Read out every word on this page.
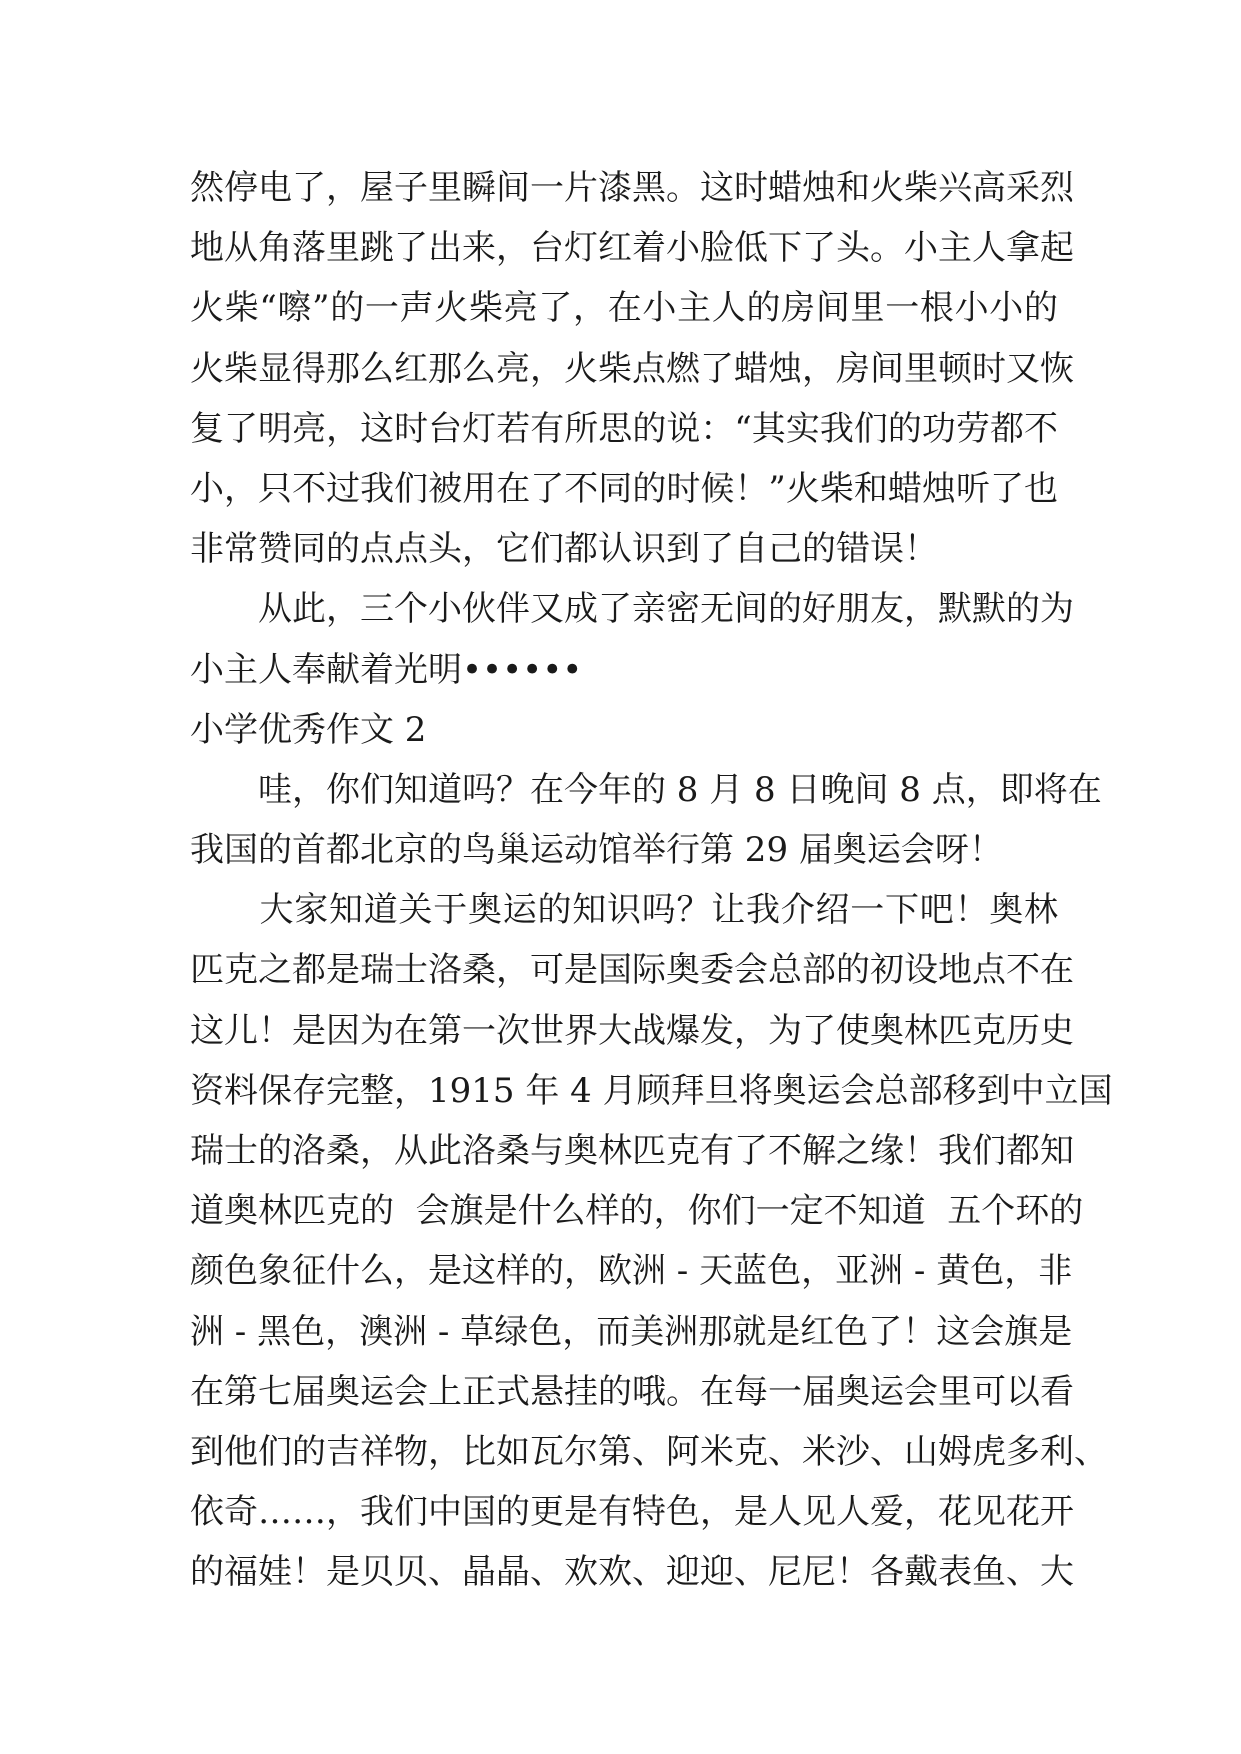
然停电了，屋子里瞬间一片漆黑。这时蜡烛和火柴兴高采烈
地从角落里跳了出来，台灯红着小脸低下了头。小主人拿起
火柴“嚓”的一声火柴亮了，在小主人的房间里一根小小的
火柴显得那么红那么亮，火柴点燃了蜡烛，房间里顿时又恢
复了明亮，这时台灯若有所思的说：“其实我们的功劳都不
小，只不过我们被用在了不同的时候！”火柴和蜡烛听了也
非常赞同的点点头，它们都认识到了自己的错误！
　　从此，三个小伙伴又成了亲密无间的好朋友，默默的为
小主人奉献着光明••••••
小学优秀作文 2
　　哇，你们知道吗？在今年的 8 月 8 日晚间 8 点，即将在
我国的首都北京的鸟巢运动馆举行第 29 届奥运会呀！
　　大家知道关于奥运的知识吗？让我介绍一下吧！奥林
匹克之都是瑞士洛桑，可是国际奥委会总部的初设地点不在
这儿！是因为在第一次世界大战爆发，为了使奥林匹克历史
资料保存完整，1915 年 4 月顾拜旦将奥运会总部移到中立国
瑞士的洛桑，从此洛桑与奥林匹克有了不解之缘！我们都知
道奥林匹克的  会旗是什么样的，你们一定不知道  五个环的
颜色象征什么，是这样的，欧洲 - 天蓝色，亚洲 - 黄色，非
洲 - 黑色，澳洲 - 草绿色，而美洲那就是红色了！这会旗是
在第七届奥运会上正式悬挂的哦。在每一届奥运会里可以看
到他们的吉祥物，比如瓦尔第、阿米克、米沙、山姆虎多利、
依奇……，我们中国的更是有特色，是人见人爱，花见花开
的福娃！是贝贝、晶晶、欢欢、迎迎、尼尼！各戴表鱼、大
